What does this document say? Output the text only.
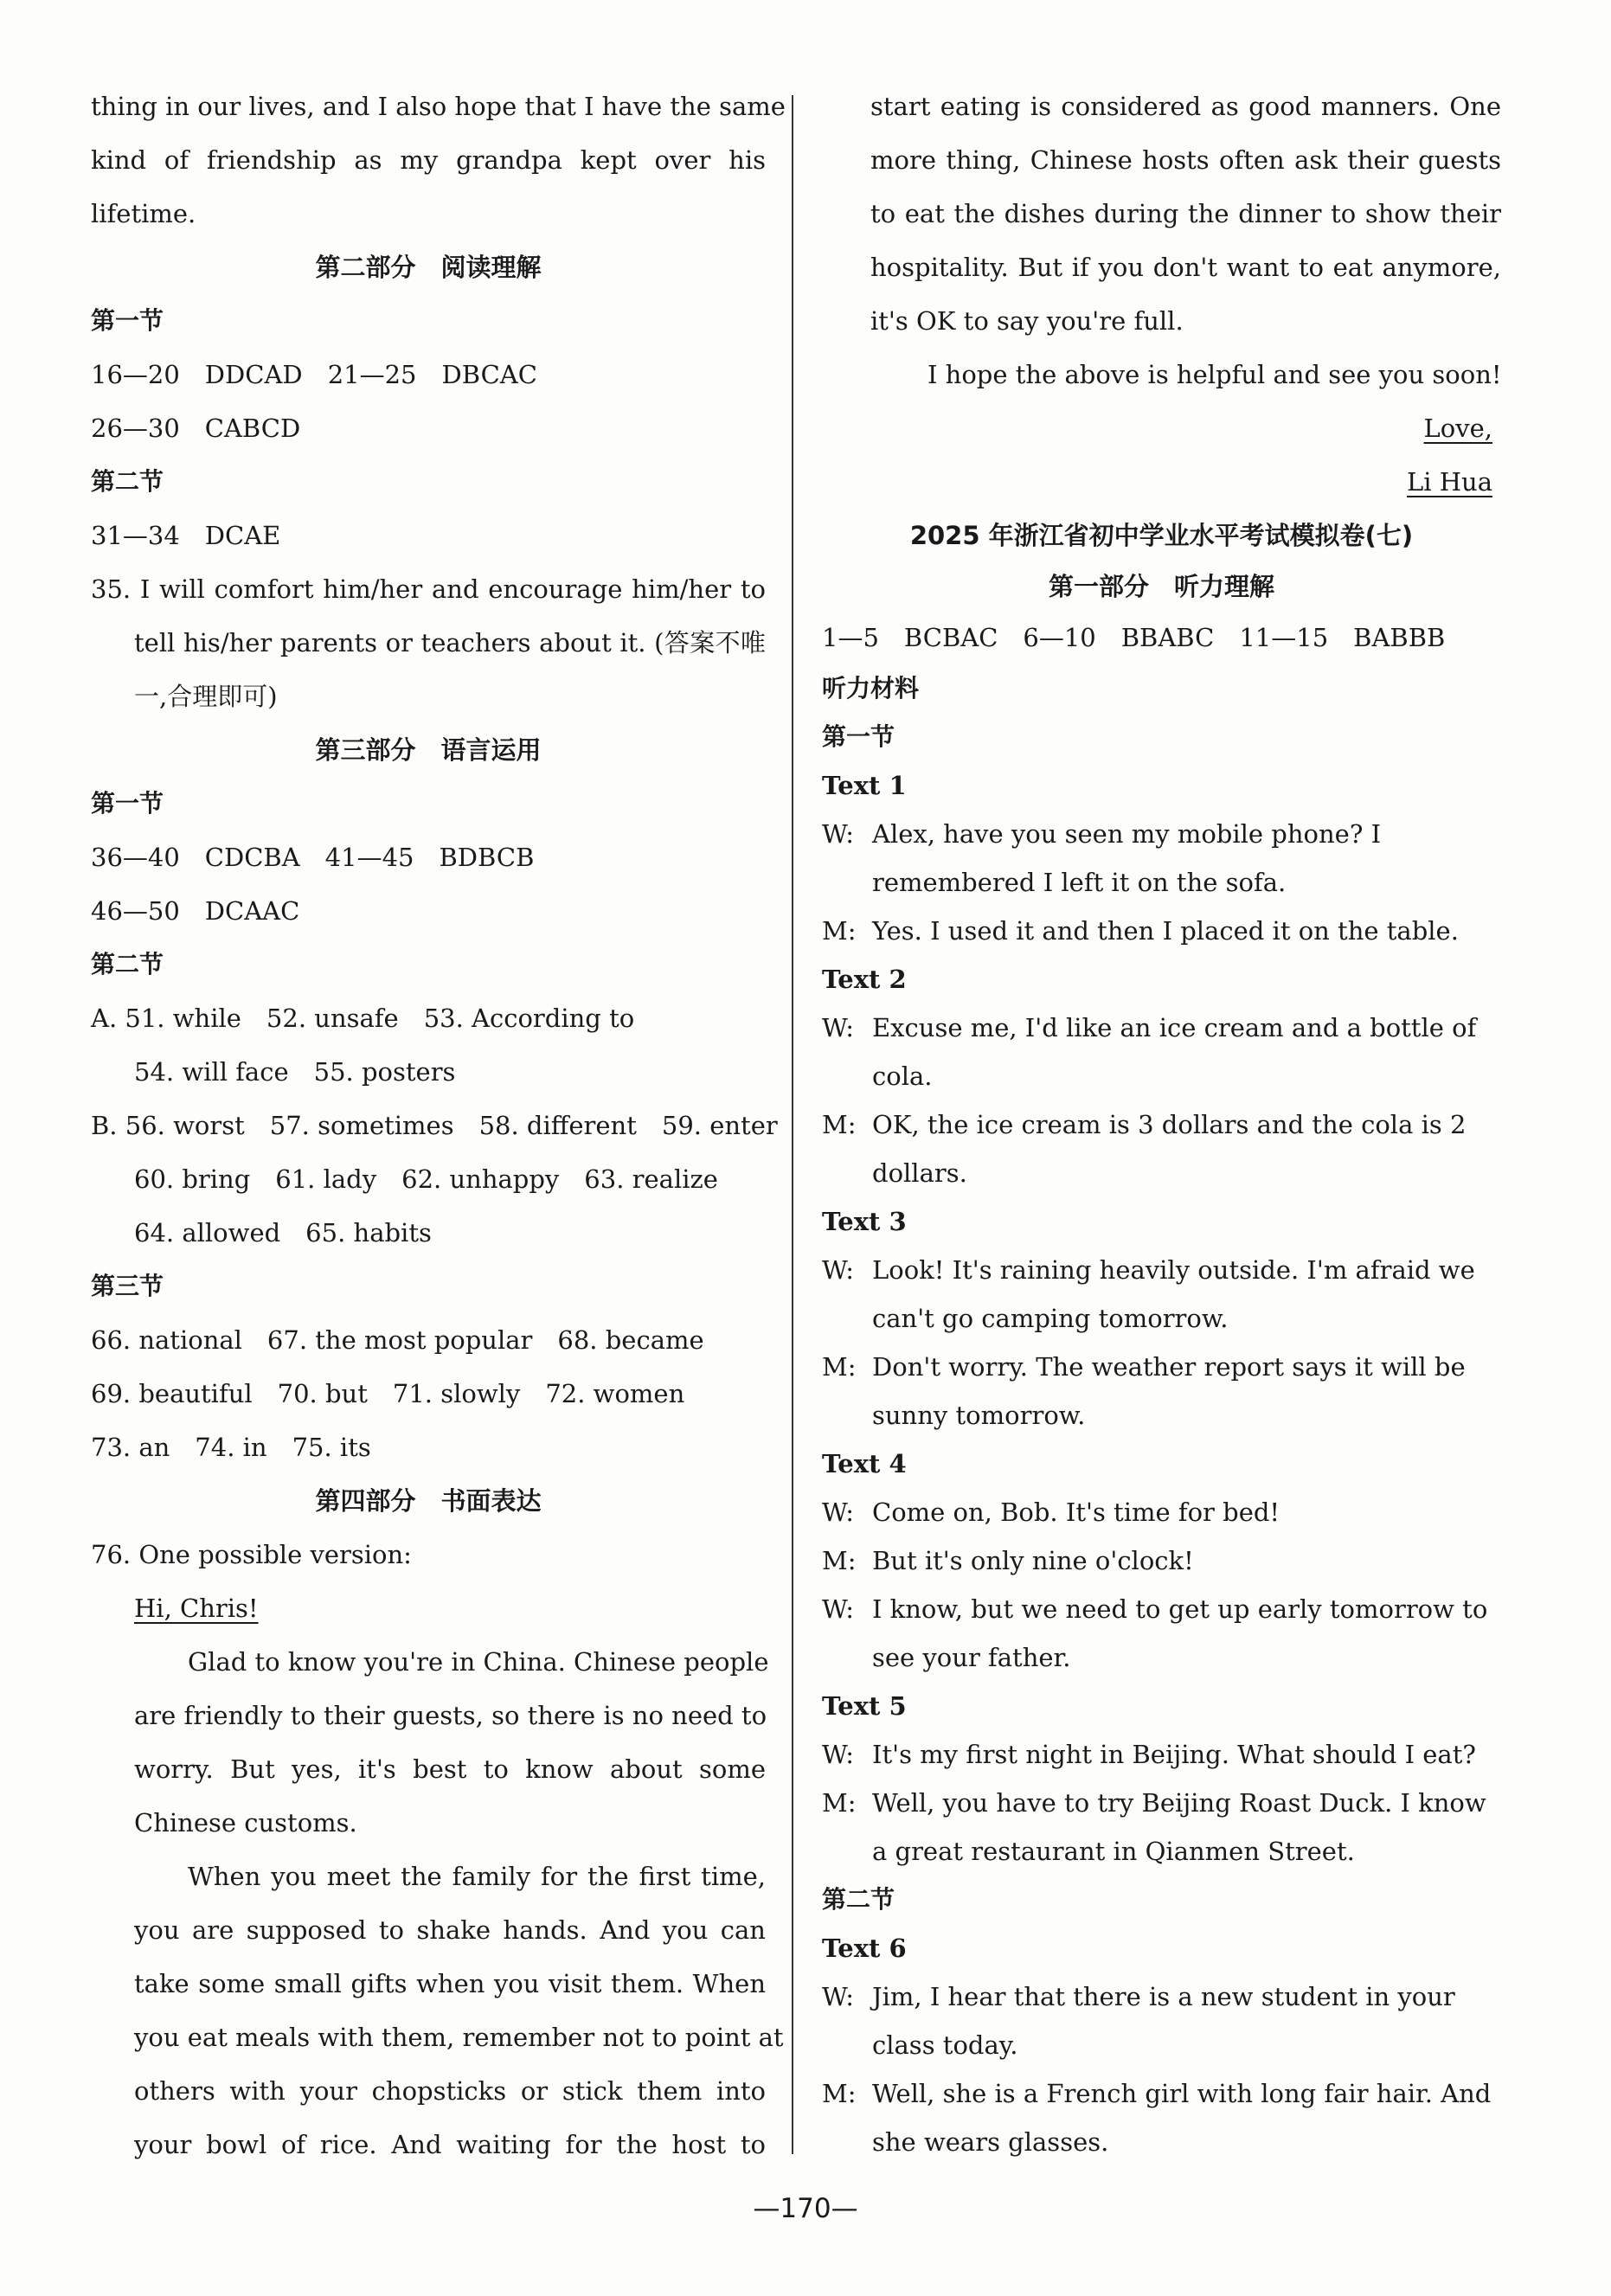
thing in our lives, and I also hope that I have the same
kind of friendship as my grandpa kept over his
lifetime.
第二部分　阅读理解
第一节
16—20　DDCAD　21—25　DBCAC
26—30　CABCD
第二节
31—34　DCAE
35. I will comfort him/her and encourage him/her to
tell his/her parents or teachers about it. (答案不唯
一,合理即可)
第三部分　语言运用
第一节
36—40　CDCBA　41—45　BDBCB
46—50　DCAAC
第二节
A. 51. while　52. unsafe　53. According to
54. will face　55. posters
B. 56. worst　57. sometimes　58. different　59. enter
60. bring　61. lady　62. unhappy　63. realize
64. allowed　65. habits
第三节
66. national　67. the most popular　68. became
69. beautiful　70. but　71. slowly　72. women
73. an　74. in　75. its
第四部分　书面表达
76. One possible version:
Hi, Chris!
Glad to know you're in China. Chinese people
are friendly to their guests, so there is no need to
worry. But yes, it's best to know about some
Chinese customs.
When you meet the family for the first time,
you are supposed to shake hands. And you can
take some small gifts when you visit them. When
you eat meals with them, remember not to point at
others with your chopsticks or stick them into
your bowl of rice. And waiting for the host to
start eating is considered as good manners. One
more thing, Chinese hosts often ask their guests
to eat the dishes during the dinner to show their
hospitality. But if you don't want to eat anymore,
it's OK to say you're full.
I hope the above is helpful and see you soon!
Love,
Li Hua
2025 年浙江省初中学业水平考试模拟卷(七)
第一部分　听力理解
1—5　BCBAC　6—10　BBABC　11—15　BABBB
听力材料
第一节
Text 1
W: Alex, have you seen my mobile phone? I
remembered I left it on the sofa.
M: Yes. I used it and then I placed it on the table.
Text 2
W: Excuse me, I'd like an ice cream and a bottle of
cola.
M: OK, the ice cream is 3 dollars and the cola is 2
dollars.
Text 3
W: Look! It's raining heavily outside. I'm afraid we
can't go camping tomorrow.
M: Don't worry. The weather report says it will be
sunny tomorrow.
Text 4
W: Come on, Bob. It's time for bed!
M: But it's only nine o'clock!
W: I know, but we need to get up early tomorrow to
see your father.
Text 5
W: It's my first night in Beijing. What should I eat?
M: Well, you have to try Beijing Roast Duck. I know
a great restaurant in Qianmen Street.
第二节
Text 6
W: Jim, I hear that there is a new student in your
class today.
M: Well, she is a French girl with long fair hair. And
she wears glasses.
—170—
